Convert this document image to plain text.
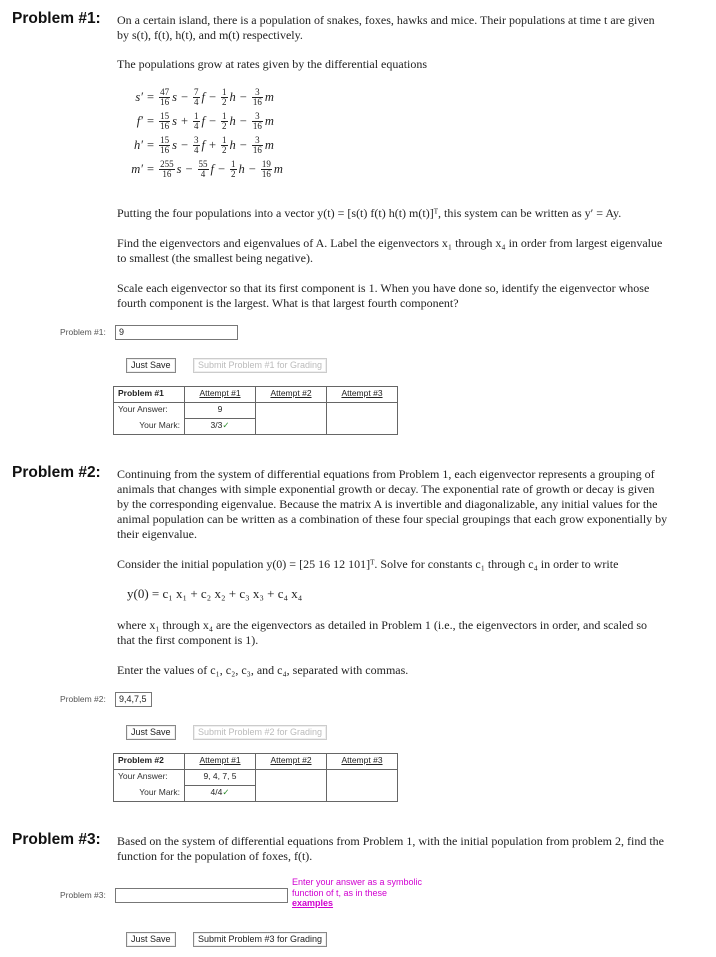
Problem #1: On a certain island, there is a population of snakes, foxes, hawks and mice. Their populations at time t are given
by s(t), f(t), h(t), and m(t) respectively.
The populations grow at rates given by the differential equations
$s' = \frac{47}{16}$ $s - \frac{7}{4}$ $f - \frac{1}{2}$ $h - \frac{3}{16}$ m
$f' = \frac{15}{16}$ $s + \frac{1}{4}$ $f - \frac{1}{2}$ $h - \frac{3}{16}$ m
$h' = \frac{15}{16}$ $s - \frac{3}{4}$ $f + \frac{1}{2}$ $h - \frac{3}{16}$ m
$m' = \frac{255}{16}$ $s - \frac{55}{4}$ $f - \frac{1}{2}$ $h - \frac{19}{16}$ m
Putting the four populations into a vector y(t) = [s(t) f(t) h(t) m(t)]ᵀ, this system can be written as y′ = Ay.
Find the eigenvectors and eigenvalues of A. Label the eigenvectors x₁ through x₄ in order from largest eigenvalue
to smallest (the smallest being negative).
Scale each eigenvector so that its first component is 1. When you have done so, identify the eigenvector whose
fourth component is the largest. What is that largest fourth component?
Problem #1:	9
Just Save	Submit Problem #1 for Grading
Problem #1	Attempt #1	Attempt #2	Attempt #3
Your Answer:	9		
Your Mark:	3/3✓		
Problem #2: Continuing from the system of differential equations from Problem 1, each eigenvector represents a grouping of
animals that changes with simple exponential growth or decay. The exponential rate of growth or decay is given
by the corresponding eigenvalue. Because the matrix A is invertible and diagonalizable, any initial values for the
animal population can be written as a combination of these four special groupings that each grow exponentially by
their eigenvalue.
Consider the initial population y(0) = [25 16 12 101]ᵀ. Solve for constants c₁ through c₄ in order to write
y(0) = c₁ x₁ + c₂ x₂ + c₃ x₃ + c₄ x₄
where x₁ through x₄ are the eigenvectors as detailed in Problem 1 (i.e., the eigenvectors in order, and scaled so
that the first component is 1).
Enter the values of c₁, c₂, c₃, and c₄, separated with commas.
Problem #2:	9,4,7,5
Just Save	Submit Problem #2 for Grading
Problem #2	Attempt #1	Attempt #2	Attempt #3
Your Answer:	9, 4, 7, 5		
Your Mark:	4/4✓		
Problem #3: Based on the system of differential equations from Problem 1, with the initial population from problem 2, find the
function for the population of foxes, f(t).
Problem #3:
Enter your answer as a symbolic
function of t, as in these
examples
Just Save	Submit Problem #3 for Grading
